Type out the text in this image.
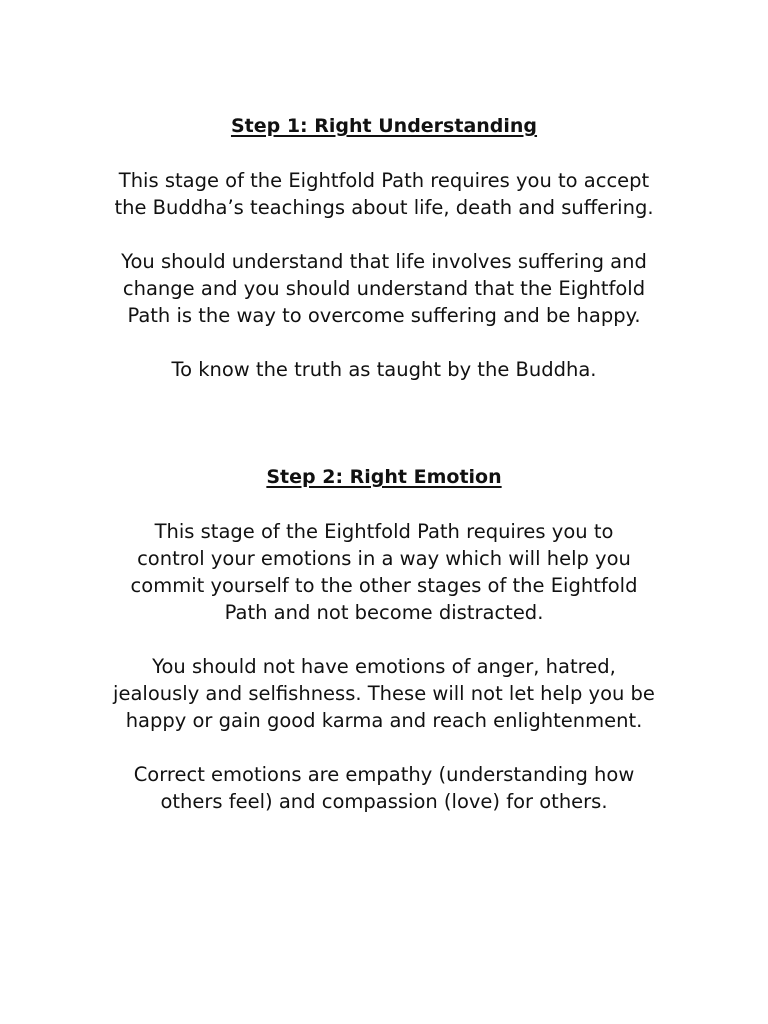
Step 1: Right Understanding

This stage of the Eightfold Path requires you to accept
the Buddha’s teachings about life, death and suffering.

You should understand that life involves suffering and
change and you should understand that the Eightfold
Path is the way to overcome suffering and be happy.

To know the truth as taught by the Buddha.

Step 2: Right Emotion

This stage of the Eightfold Path requires you to
control your emotions in a way which will help you
commit yourself to the other stages of the Eightfold
Path and not become distracted.

You should not have emotions of anger, hatred,
jealously and selfishness. These will not let help you be
happy or gain good karma and reach enlightenment.

Correct emotions are empathy (understanding how
others feel) and compassion (love) for others.
